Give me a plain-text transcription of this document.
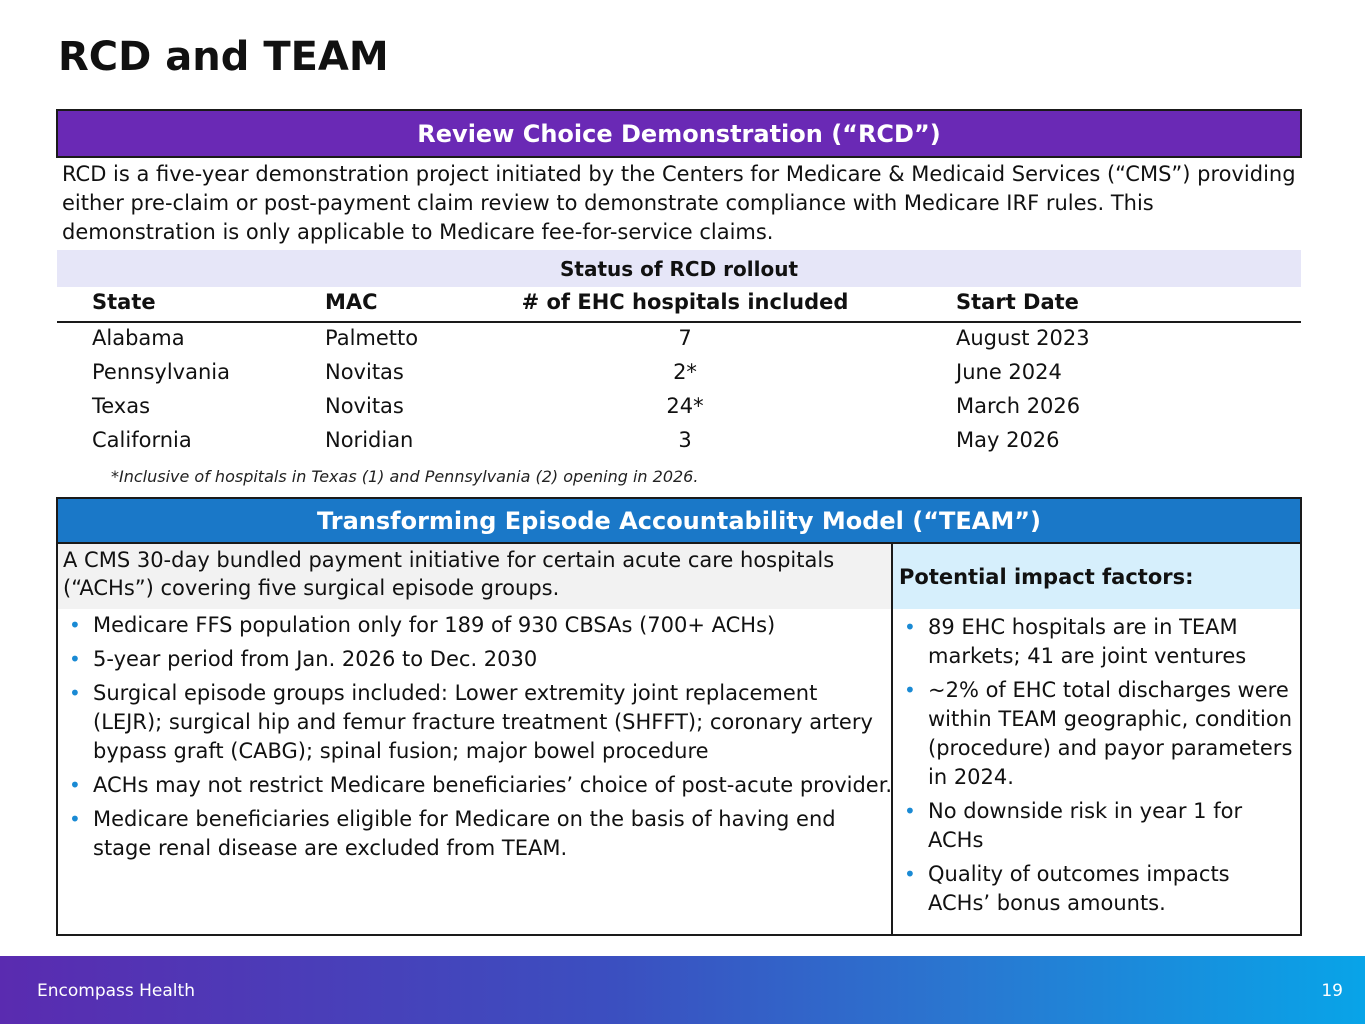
RCD and TEAM
Review Choice Demonstration (“RCD”)
RCD is a five-year demonstration project initiated by the Centers for Medicare & Medicaid Services (“CMS”) providing either pre-claim or post-payment claim review to demonstrate compliance with Medicare IRF rules. This demonstration is only applicable to Medicare fee-for-service claims.
Status of RCD rollout
State	MAC	# of EHC hospitals included	Start Date
Alabama	Palmetto	7	August 2023
Pennsylvania	Novitas	2*	June 2024
Texas	Novitas	24*	March 2026
California	Noridian	3	May 2026
*Inclusive of hospitals in Texas (1) and Pennsylvania (2) opening in 2026.
Transforming Episode Accountability Model (“TEAM”)
A CMS 30-day bundled payment initiative for certain acute care hospitals (“ACHs”) covering five surgical episode groups.	Potential impact factors:
• Medicare FFS population only for 189 of 930 CBSAs (700+ ACHs)
• 5-year period from Jan. 2026 to Dec. 2030
• Surgical episode groups included: Lower extremity joint replacement (LEJR); surgical hip and femur fracture treatment (SHFFT); coronary artery bypass graft (CABG); spinal fusion; major bowel procedure
• ACHs may not restrict Medicare beneficiaries’ choice of post-acute provider.
• Medicare beneficiaries eligible for Medicare on the basis of having end stage renal disease are excluded from TEAM.
• 89 EHC hospitals are in TEAM markets; 41 are joint ventures
• ~2% of EHC total discharges were within TEAM geographic, condition (procedure) and payor parameters in 2024.
• No downside risk in year 1 for ACHs
• Quality of outcomes impacts ACHs’ bonus amounts.
Encompass Health	19
